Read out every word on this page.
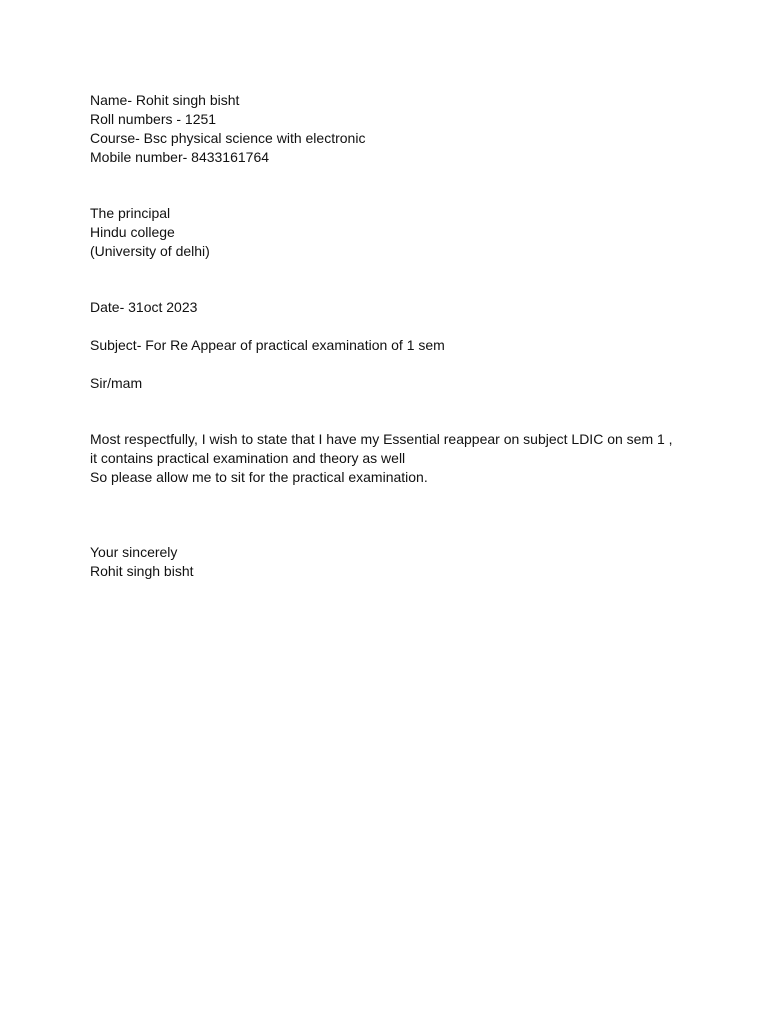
Name- Rohit singh bisht
Roll numbers - 1251
Course- Bsc physical science with electronic
Mobile number- 8433161764
The principal
Hindu college
(University of delhi)
Date- 31oct 2023
Subject- For Re Appear of practical examination of 1 sem
Sir/mam
Most respectfully, I wish to state that I have my Essential reappear on subject LDIC on sem 1 ,
it contains practical examination and theory as well
So please allow me to sit for the practical examination.
Your sincerely
Rohit singh bisht
